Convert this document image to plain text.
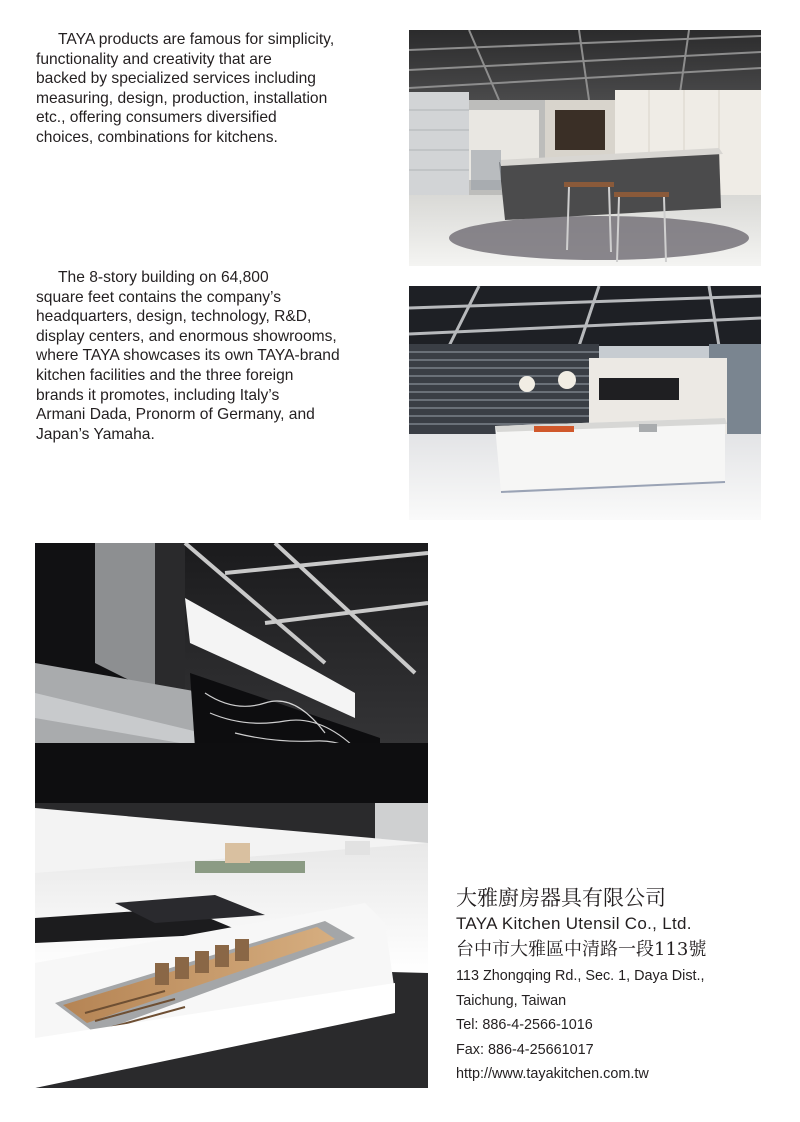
TAYA products are famous for simplicity,
functionality and creativity that are
backed by specialized services including
measuring, design, production, installation
etc., offering consumers diversified
choices, combinations for kitchens.

The 8-story building on 64,800
square feet contains the company’s
headquarters, design, technology, R&D,
display centers, and enormous showrooms,
where TAYA showcases its own TAYA-brand
kitchen facilities and the three foreign
brands it promotes, including Italy’s
Armani Dada, Pronorm of Germany, and
Japan’s Yamaha.

大雅廚房器具有限公司

TAYA Kitchen Utensil Co., Ltd.

台中市大雅區中清路一段113號

113 Zhongqing Rd., Sec. 1, Daya Dist.,

Taichung, Taiwan

Tel: 886-4-2566-1016

Fax: 886-4-25661017

http://www.tayakitchen.com.tw
